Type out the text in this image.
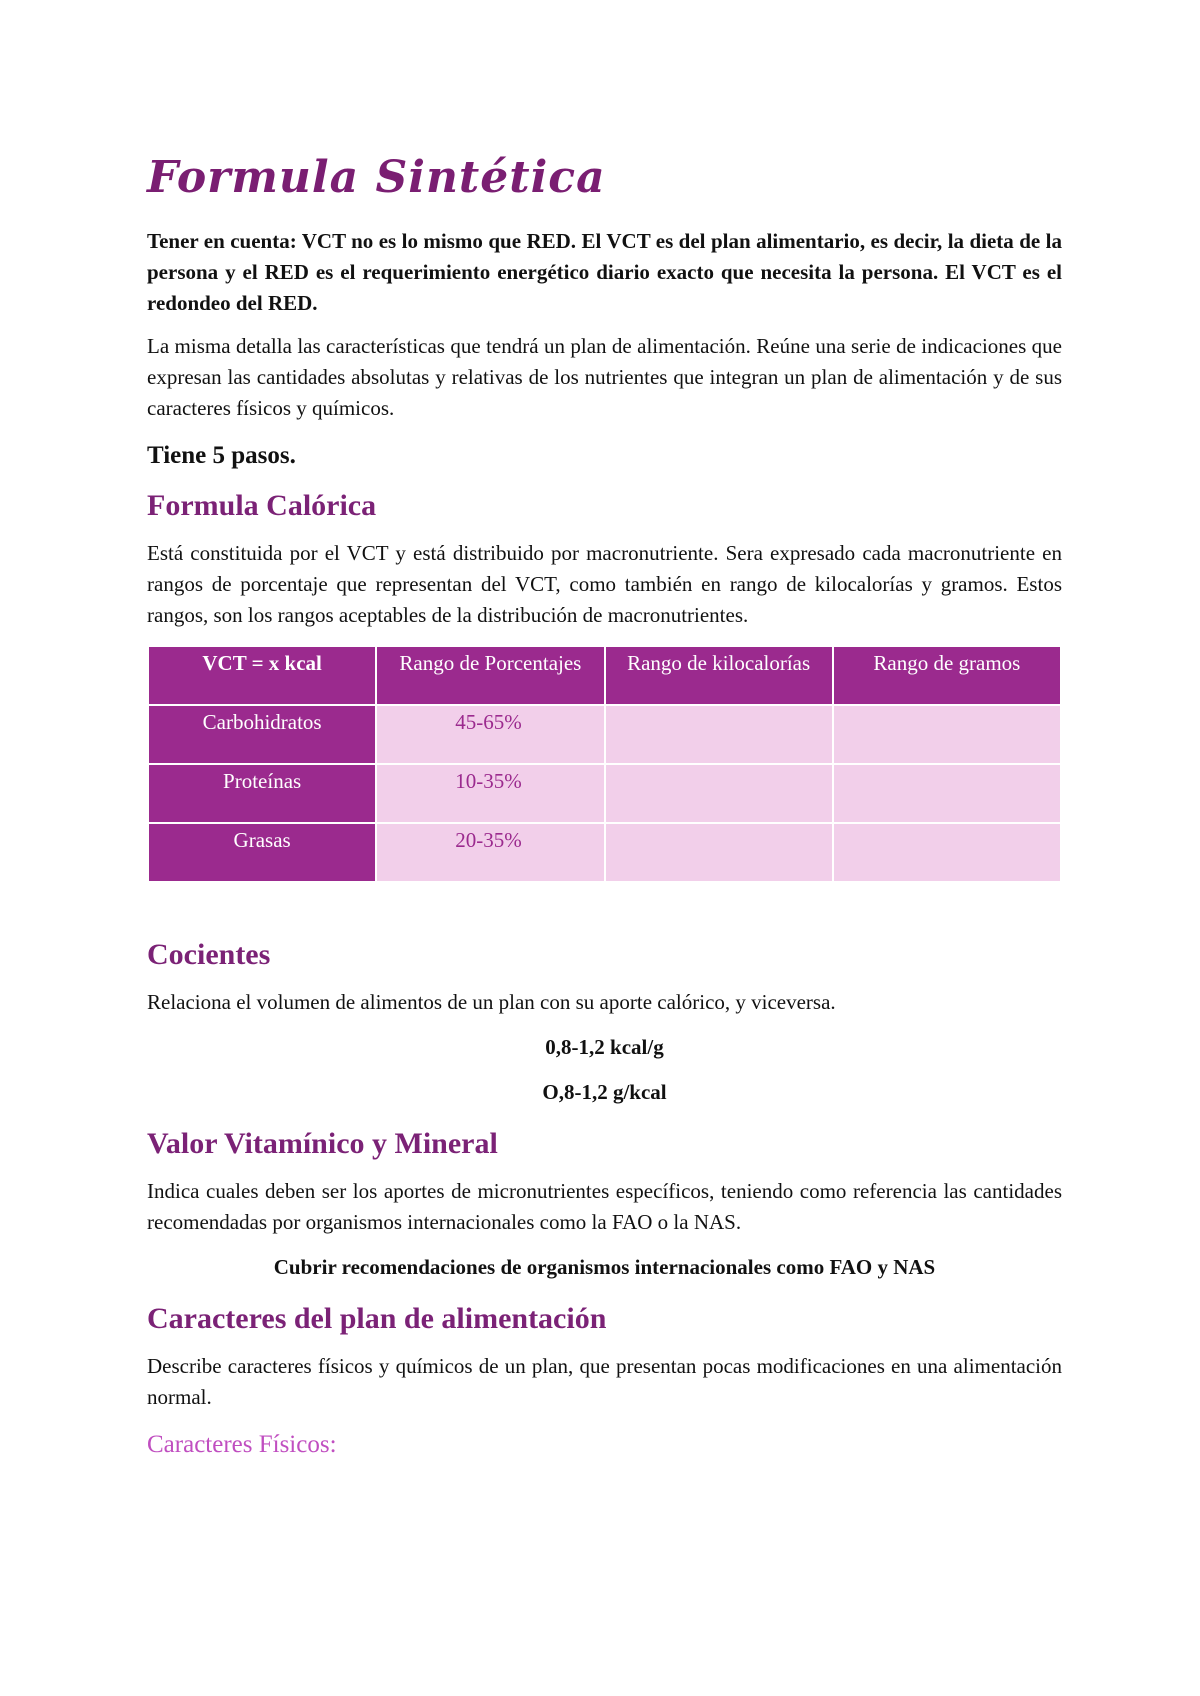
Formula Sintética

Tener en cuenta: VCT no es lo mismo que RED. El VCT es del plan alimentario, es decir, la dieta de la persona y el RED es el requerimiento energético diario exacto que necesita la persona. El VCT es el redondeo del RED.

La misma detalla las características que tendrá un plan de alimentación. Reúne una serie de indicaciones que expresan las cantidades absolutas y relativas de los nutrientes que integran un plan de alimentación y de sus caracteres físicos y químicos.

Tiene 5 pasos.
Formula Calórica

Está constituida por el VCT y está distribuido por macronutriente. Sera expresado cada macronutriente en rangos de porcentaje que representan del VCT, como también en rango de kilocalorías y gramos. Estos rangos, son los rangos aceptables de la distribución de macronutrientes.

VCT = x kcal	Rango de Porcentajes	Rango de kilocalorías	Rango de gramos
Carbohidratos	45-65%		
Proteínas	10-35%		
Grasas	20-35%		
Cocientes

Relaciona el volumen de alimentos de un plan con su aporte calórico, y viceversa.

0,8-1,2 kcal/g

O,8-1,2 g/kcal

Valor Vitamínico y Mineral

Indica cuales deben ser los aportes de micronutrientes específicos, teniendo como referencia las cantidades recomendadas por organismos internacionales como la FAO o la NAS.

Cubrir recomendaciones de organismos internacionales como FAO y NAS

Caracteres del plan de alimentación

Describe caracteres físicos y químicos de un plan, que presentan pocas modificaciones en una alimentación normal.

Caracteres Físicos:
